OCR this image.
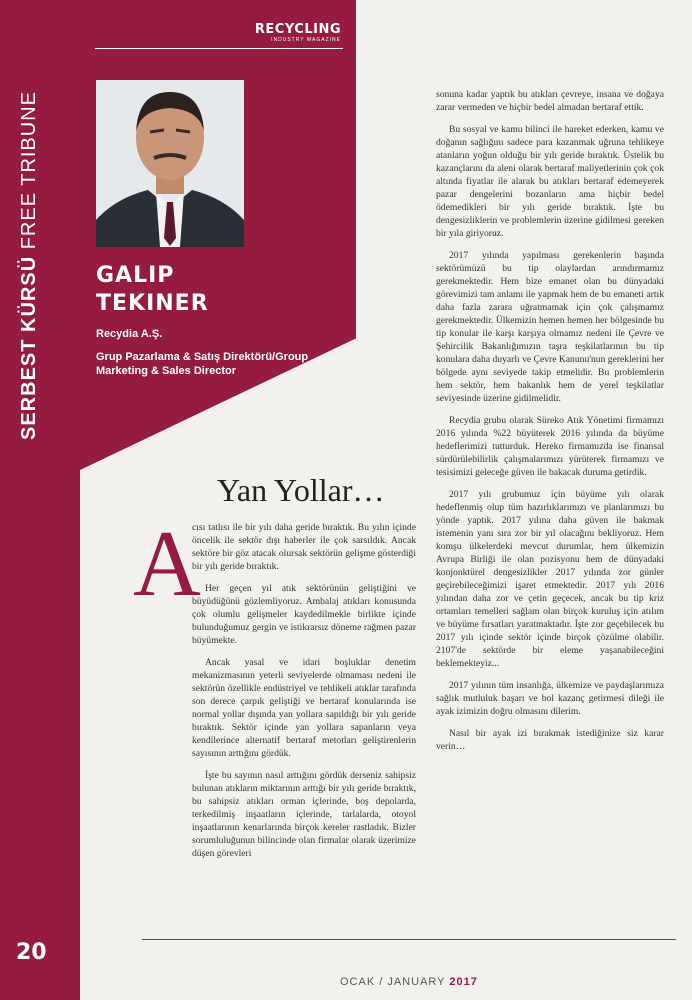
SERBEST KÜRSÜ FREE TRIBUNE
RECYCLING
INDUSTRY MAGAZINE
GALIP
TEKINER
Recydia A.Ş.
Grup Pazarlama & Satış Direktörü/Group Marketing & Sales Director
Yan Yollar…
A

cısı tatlısı ile bir yılı daha geride bıraktık. Bu yılın içinde öncelik ile sektör dışı haberler ile çok sarsıldık. Ancak sektöre bir göz atacak olursak sektörün gelişme gösterdiği bir yılı geride bıraktık.

Her geçen yıl atık sektörünün geliştiğini ve büyüdüğünü gözlemliyoruz. Ambalaj atıkları konusunda çok olumlu gelişmeler kaydedilmekle birlikte içinde bulunduğumuz gergin ve istikrarsız döneme rağmen pazar büyümekte.

Ancak yasal ve idari boşluklar denetim mekanizmasının yeterli seviyelerde olmaması nedeni ile sektörün özellikle endüstriyel ve tehlikeli atıklar tarafında son derece çarpık geliştiği ve bertaraf konularında ise normal yollar dışında yan yollara sapıldığı bir yılı geride bıraktık. Sektör içinde yan yollara sapanların veya kendilerince alternatif bertaraf metotları geliştirenlerin sayısının arttığını gördük.

İşte bu sayının nasıl arttığını gördük derseniz sahipsiz bulunan atıkların miktarının arttığı bir yılı geride bıraktık, bu sahipsiz atıkları orman içlerinde, boş depolarda, terkedilmiş inşaatların içlerinde, tarlalarda, otoyol inşaatlarının kenarlarında birçok kereler rastladık. Bizler sorumluluğunun bilincinde olan firmalar olarak üzerimize düşen görevleri

sonuna kadar yaptık bu atıkları çevreye, insana ve doğaya zarar vermeden ve hiçbir bedel almadan bertaraf ettik.

Bu sosyal ve kamu bilinci ile hareket ederken, kamu ve doğanın sağlığını sadece para kazanmak uğruna tehlikeye atanların yoğun olduğu bir yılı geride bıraktık. Üstelik bu kazançlarını da aleni olarak bertaraf maliyetlerinin çok çok altında fiyatlar ile alarak bu atıkları bertaraf edemeyerek pazar dengelerini bozanların ama hiçbir bedel ödemedikleri bir yılı geride bıraktık. İşte bu dengesizliklerin ve problemlerin üzerine gidilmesi gereken bir yıla giriyoruz.

2017 yılında yapılması gerekenlerin başında sektörümüzü bu tip olaylardan arındırmamız gerekmektedir. Hem bize emanet olan bu dünyadaki görevimizi tam anlamı ile yapmak hem de bu emaneti artık daha fazla zarara uğratmamak için çok çalışmamız gerekmektedir. Ülkemizin hemen hemen her bölgesinde bu tip konular ile karşı karşıya olmamız nedeni ile Çevre ve Şehircilik Bakanlığımızın taşra teşkilatlarının bu tip konulara daha duyarlı ve Çevre Kanunu'nun gereklerini her bölgede aynı seviyede takip etmelidir. Bu problemlerin hem sektör, hem bakanlık hem de yerel teşkilatlar seviyesinde üzerine gidilmelidir.

Recydia grubu olarak Süreko Atık Yönetimi firmamızı 2016 yılında %22 büyüterek 2016 yılında da büyüme hedeflerimizi tutturduk. Hereko firmamızda ise finansal sürdürülebilirlik çalışmalarımızı yürüterek firmamızı ve tesisimizi geleceğe güven ile bakacak duruma getirdik.

2017 yılı grubumuz için büyüme yılı olarak hedeflenmiş olup tüm hazırlıklarımızı ve planlarımızı bu yönde yaptık. 2017 yılına daha güven ile bakmak istemenin yanı sıra zor bir yıl olacağını bekliyoruz. Hem komşu ülkelerdeki mevcut durumlar, hem ülkemizin Avrupa Birliği ile olan pozisyonu hem de dünyadaki konjonktürel dengesizlikler 2017 yılında zor günler geçirebileceğimizi işaret etmektedir. 2017 yılı 2016 yılından daha zor ve çetin geçecek, ancak bu tip kriz ortamları temelleri sağlam olan birçok kuruluş için atılım ve büyüme fırsatları yaratmaktadır. İşte zor geçebilecek bu 2017 yılı içinde sektör içinde birçok çözülme olabilir. 2107'de sektörde bir eleme yaşanabileceğini beklemekteyiz...

2017 yılının tüm insanlığa, ülkemize ve paydaşlarımıza sağlık mutluluk başarı ve bol kazanç getirmesi dileği ile ayak izimizin doğru olmasını dilerim.

Nasıl bir ayak izi bırakmak istediğinize siz karar verin…

20
OCAK / JANUARY 2017
